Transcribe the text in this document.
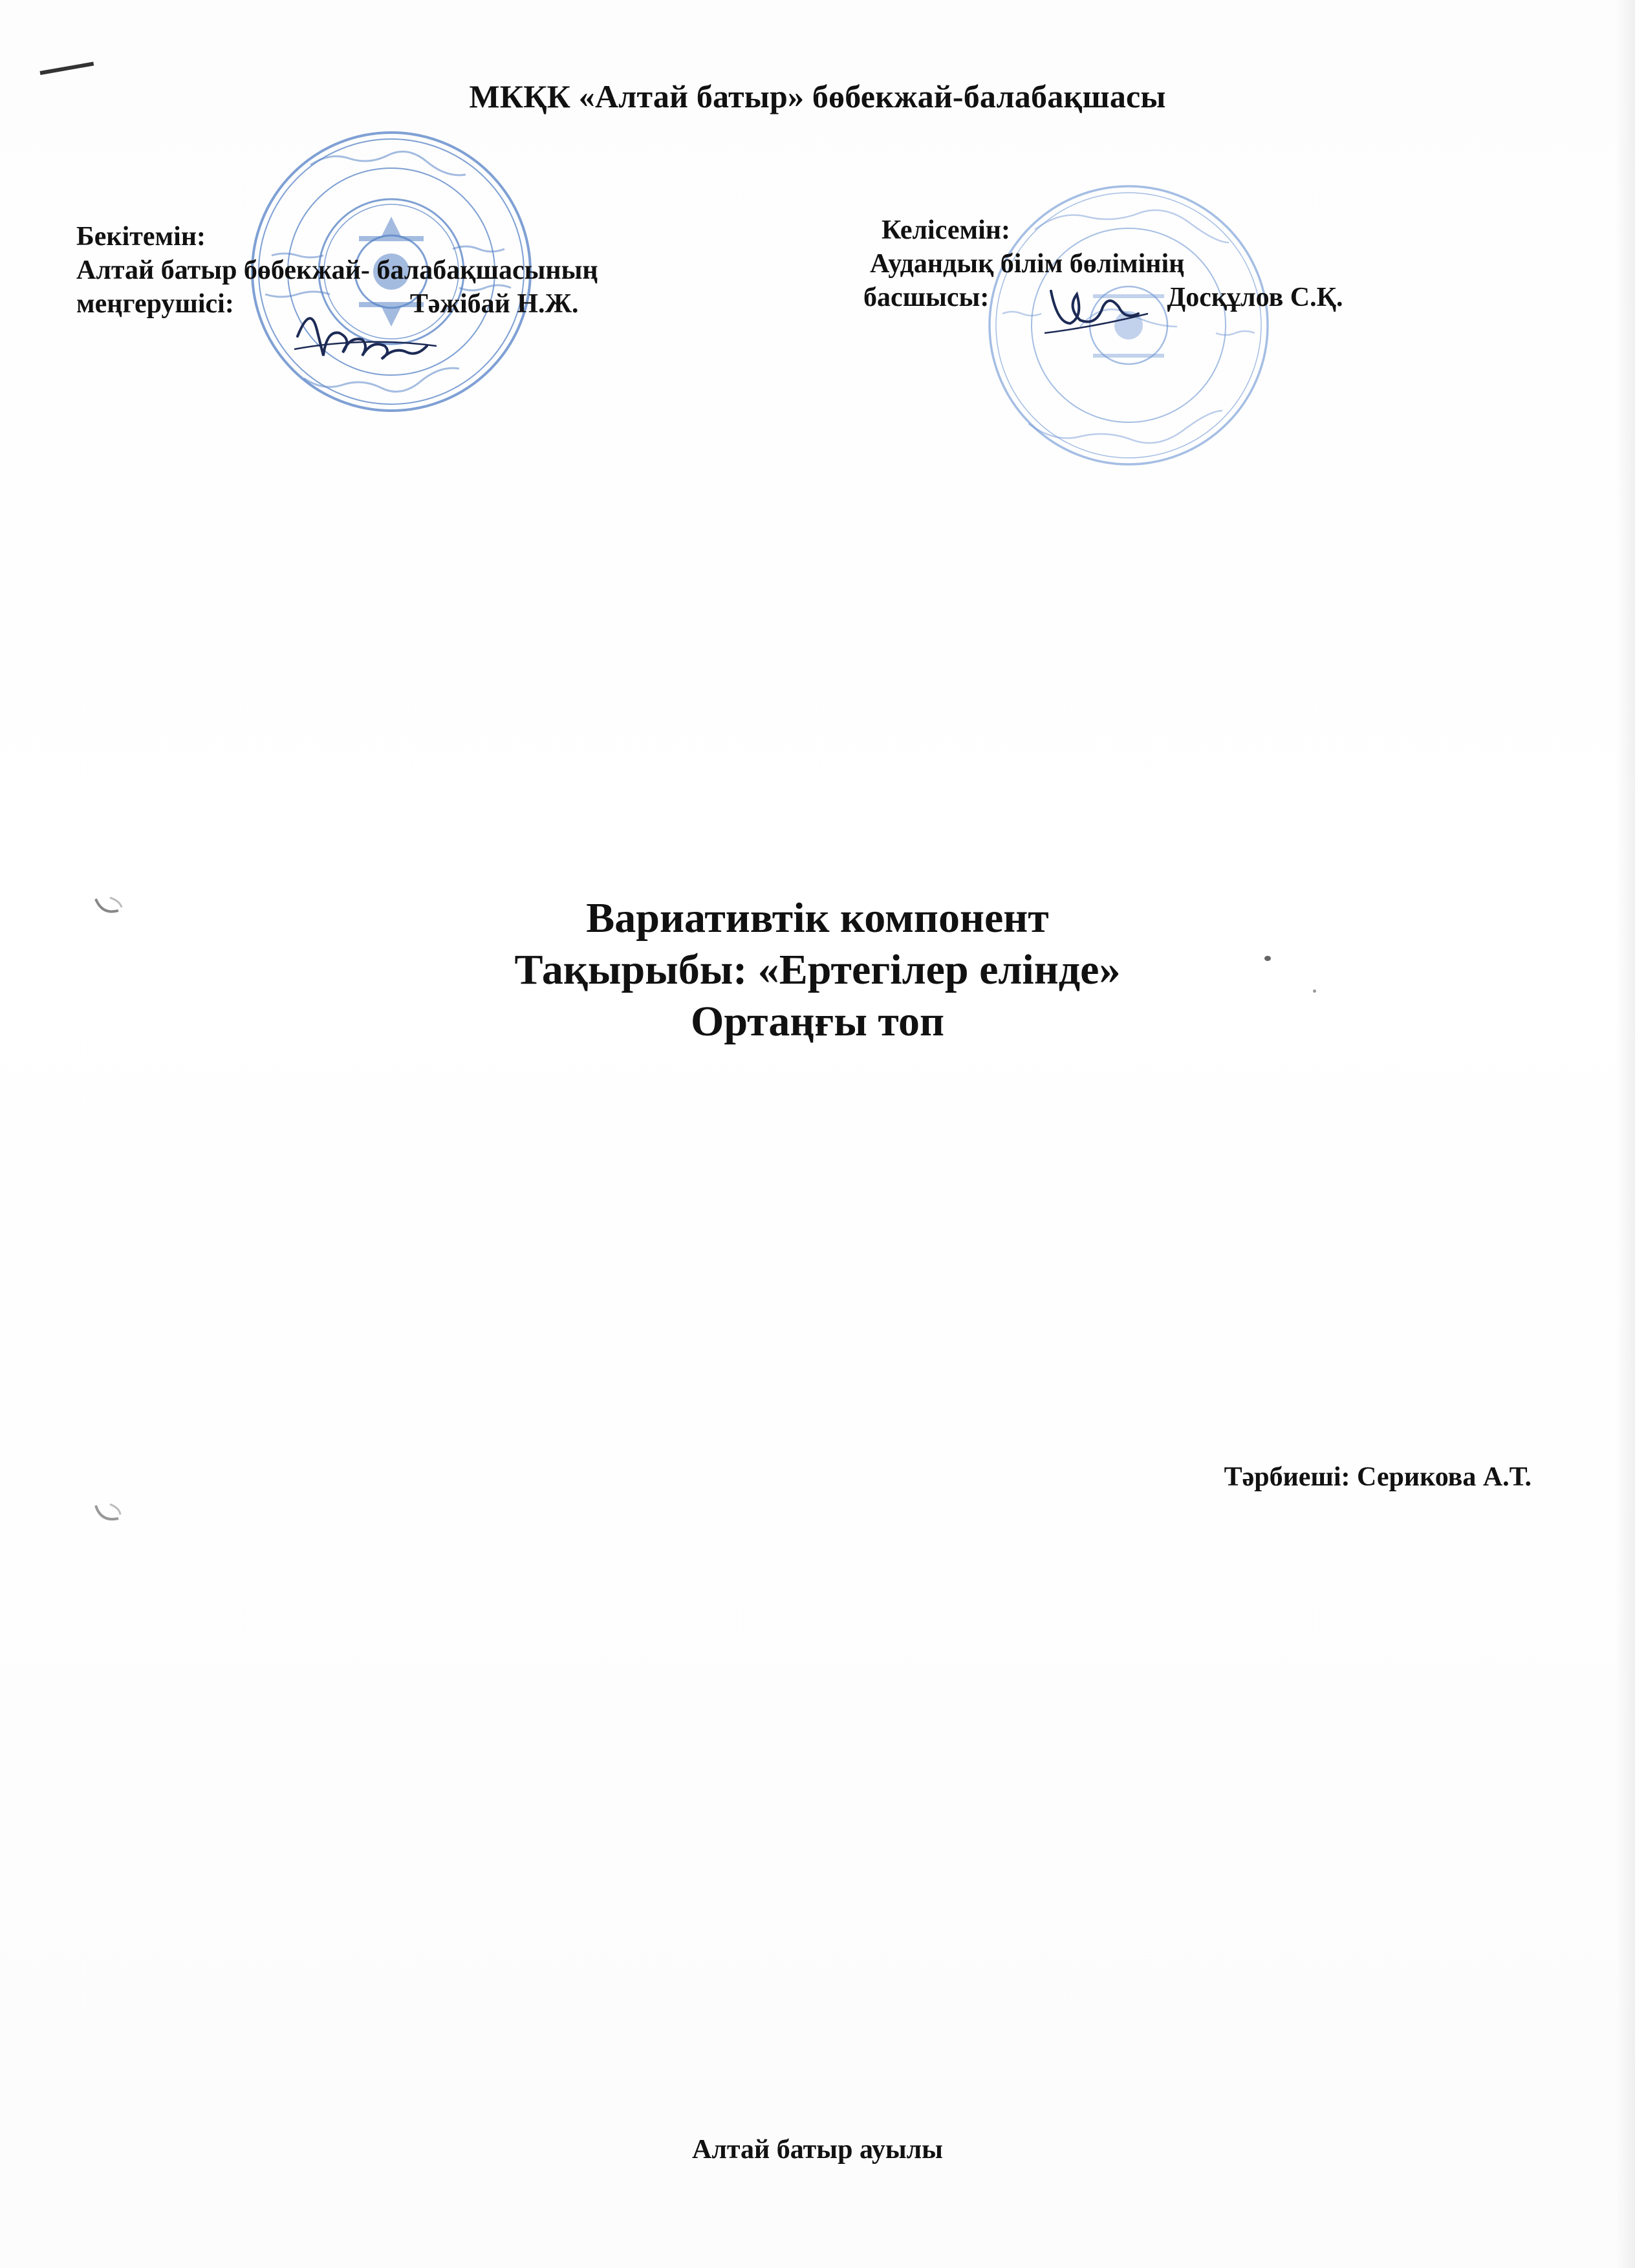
МКҚК «Алтай батыр» бөбекжай-балабақшасы
Бекітемін:
Алтай батыр бөбекжай- балабақшасының
меңгерушісі:	Тәжібай Н.Ж.
Келісемін:
Аудандық білім бөлімінің
басшысы:	Досқұлов С.Қ.
Вариативтік компонент
Тақырыбы: «Ертегілер елінде»
Ортаңғы топ
Тәрбиеші: Серикова А.Т.
Алтай батыр ауылы
